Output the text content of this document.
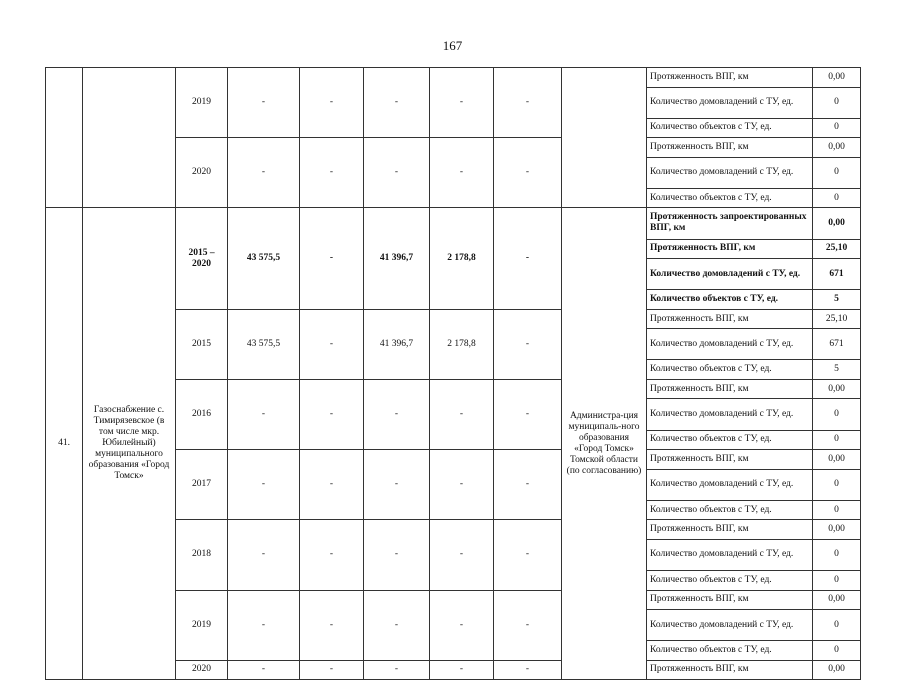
167
		2019	-	-	-	-	-		Протяженность ВПГ, км	0,00
									Количество домовладений с ТУ, ед.	0
									Количество объектов с ТУ, ед.	0
		2020	-	-	-	-	-		Протяженность ВПГ, км	0,00
									Количество домовладений с ТУ, ед.	0
									Количество объектов с ТУ, ед.	0
41.	Газоснабжение с. Тимирязевское (в том числе мкр. Юбилейный) муниципального образования «Город Томск»	2015 – 2020	43 575,5	-	41 396,7	2 178,8	-	Администра-ция муниципаль-ного образования «Город Томск» Томской области (по согласованию)	Протяженность запроектированных ВПГ, км	0,00
									Протяженность ВПГ, км	25,10
									Количество домовладений с ТУ, ед.	671
									Количество объектов с ТУ, ед.	5
		2015	43 575,5	-	41 396,7	2 178,8	-		Протяженность ВПГ, км	25,10
									Количество домовладений с ТУ, ед.	671
									Количество объектов с ТУ, ед.	5
		2016	-	-	-	-	-		Протяженность ВПГ, км	0,00
									Количество домовладений с ТУ, ед.	0
									Количество объектов с ТУ, ед.	0
		2017	-	-	-	-	-		Протяженность ВПГ, км	0,00
									Количество домовладений с ТУ, ед.	0
									Количество объектов с ТУ, ед.	0
		2018	-	-	-	-	-		Протяженность ВПГ, км	0,00
									Количество домовладений с ТУ, ед.	0
									Количество объектов с ТУ, ед.	0
		2019	-	-	-	-	-		Протяженность ВПГ, км	0,00
									Количество домовладений с ТУ, ед.	0
									Количество объектов с ТУ, ед.	0
		2020	-	-	-	-	-		Протяженность ВПГ, км	0,00
